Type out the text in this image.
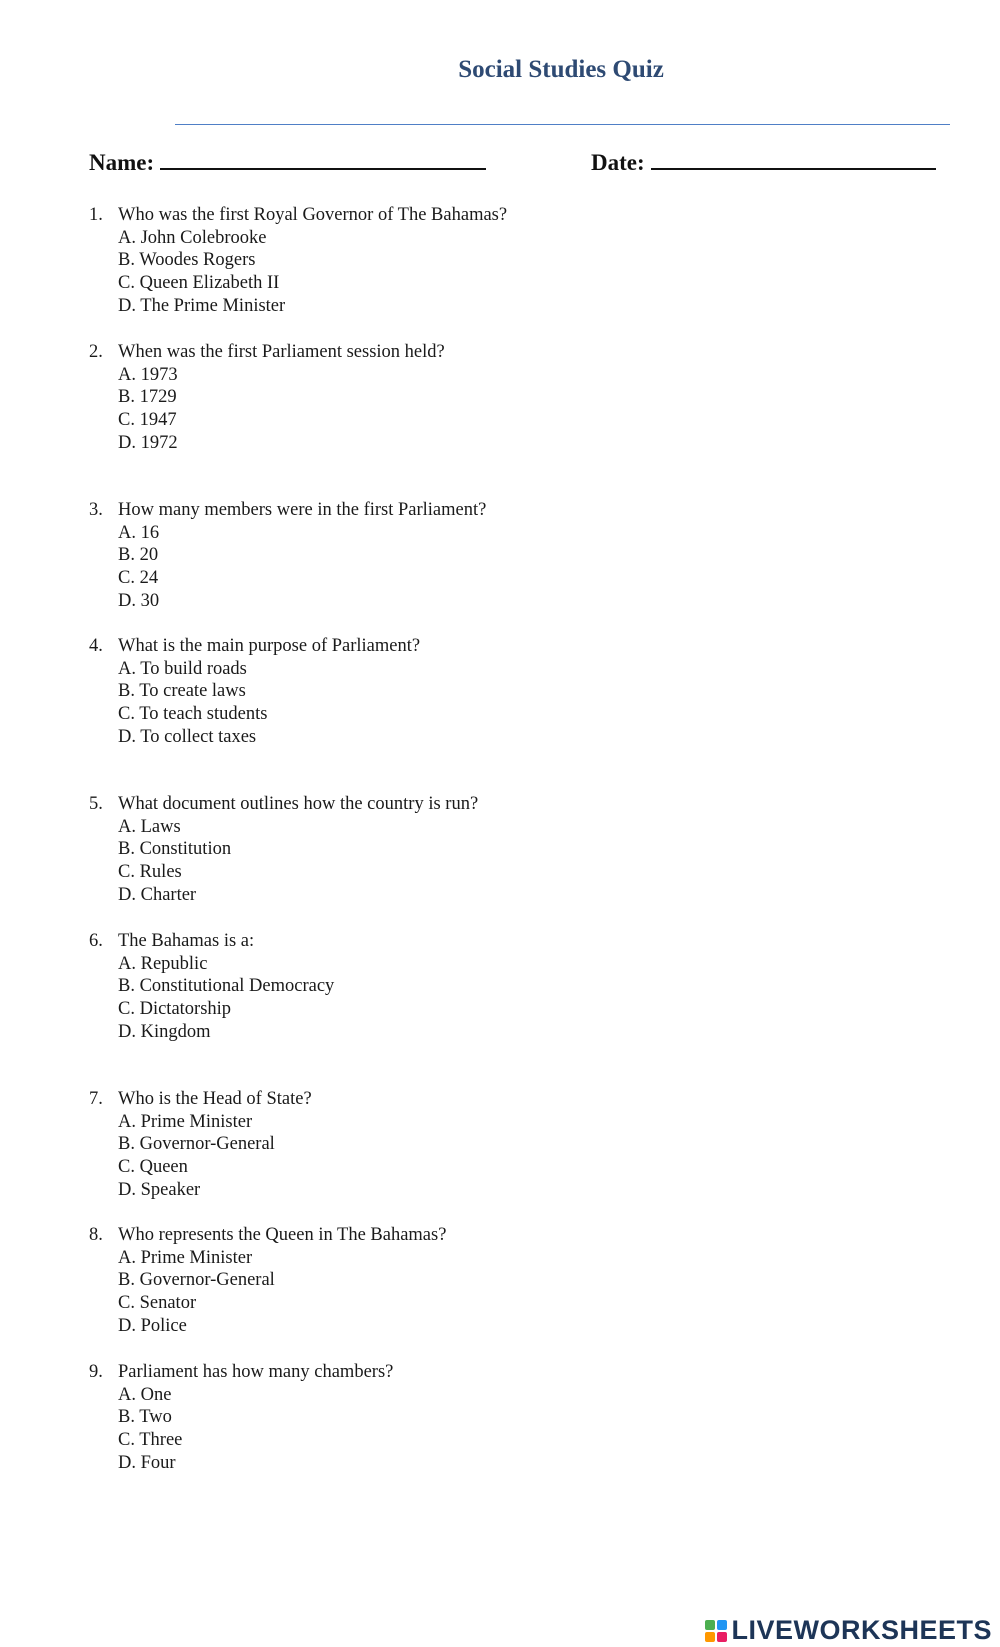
Social Studies Quiz
Name:	Date:
1. Who was the first Royal Governor of The Bahamas?
A. John Colebrooke
B. Woodes Rogers
C. Queen Elizabeth II
D. The Prime Minister
2. When was the first Parliament session held?
A. 1973
B. 1729
C. 1947
D. 1972
3. How many members were in the first Parliament?
A. 16
B. 20
C. 24
D. 30
4. What is the main purpose of Parliament?
A. To build roads
B. To create laws
C. To teach students
D. To collect taxes
5. What document outlines how the country is run?
A. Laws
B. Constitution
C. Rules
D. Charter
6. The Bahamas is a:
A. Republic
B. Constitutional Democracy
C. Dictatorship
D. Kingdom
7. Who is the Head of State?
A. Prime Minister
B. Governor-General
C. Queen
D. Speaker
8. Who represents the Queen in The Bahamas?
A. Prime Minister
B. Governor-General
C. Senator
D. Police
9. Parliament has how many chambers?
A. One
B. Two
C. Three
D. Four
LIVEWORKSHEETS
